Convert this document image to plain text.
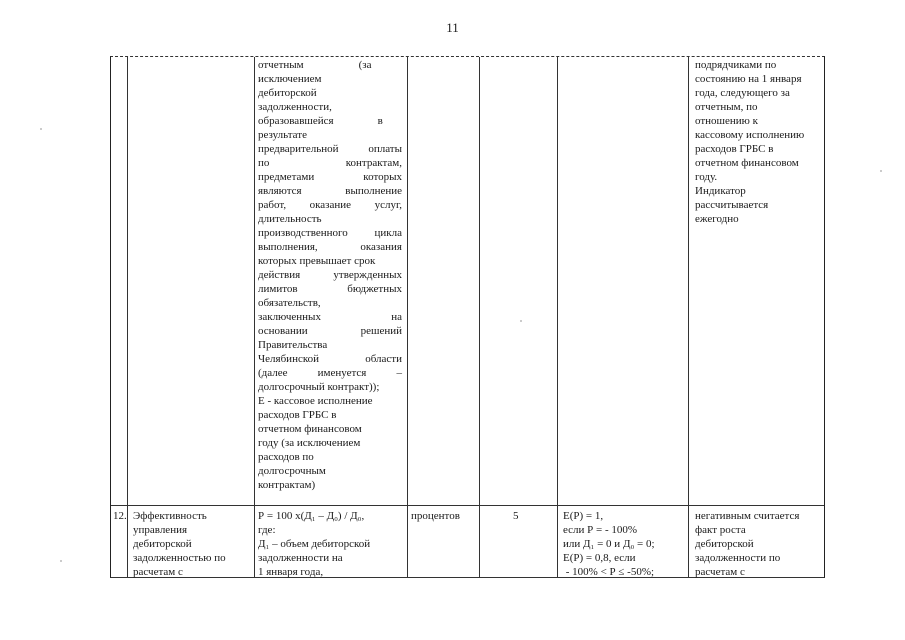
11
отчетным                    (за
исключением
дебиторской
задолженности,
образовавшейся                в
результате
предварительной оплаты
по контрактам,
предметами которых
являются выполнение
работ, оказание услуг,
длительность
производственного цикла
выполнения, оказания
которых превышает срок
действия утвержденных
лимитов бюджетных
обязательств,
заключенных на
основании решений
Правительства
Челябинской области
(далее именуется –
долгосрочный контракт));
Е - кассовое исполнение
расходов ГРБС в
отчетном финансовом
году (за исключением
расходов по
долгосрочным
контрактам)
подрядчиками по
состоянию на 1 января
года, следующего за
отчетным, по
отношению к
кассовому исполнению
расходов ГРБС в
отчетном финансовом
году.
Индикатор
рассчитывается
ежегодно
12. Эффективность
управления
дебиторской
задолженностью по
расчетам с
Р = 100 х(Д₁ – Д₀) / Д₀,
где:
Д₁ – объем дебиторской
задолженности на
1 января года,
процентов	5	Е(Р) = 1,
если Р = - 100%
или Д₁ = 0 и Д₀ = 0;
Е(Р) = 0,8, если
- 100% < Р ≤ -50%;
негативным считается
факт роста
дебиторской
задолженности по
расчетам с
